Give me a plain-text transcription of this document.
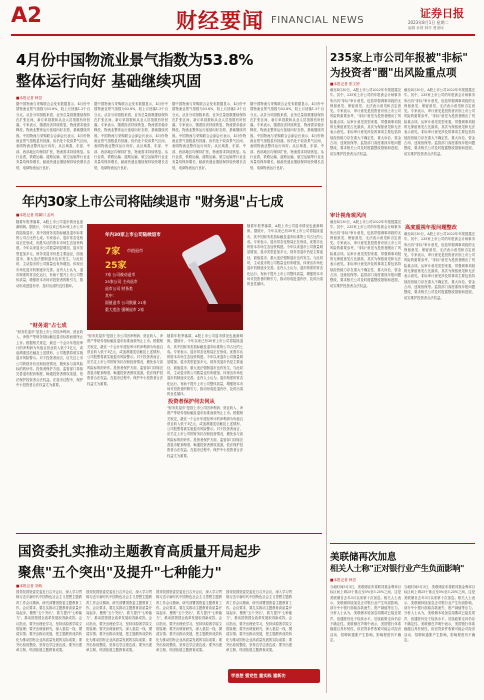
A2	财经要闻 FINANCIAL NEWS
证券日报
2023年8月1日 星期二
编辑 孙倩 制作 曹秉琛
4月份中国物流业景气指数为53.8%
整体运行向好 基础继续巩固
■本报记者 韩昱
据中国物流与采购联合会发布数据显示，4月份中国物流业景气指数为53.8%，较上月回落1.3个百分点。从各分项指数来看，业务总量指数继续保持在扩张区间，新订单指数和从业人员指数有所回落。专家表示，随着经济持续恢复，物流需求稳步释放，物流业整体运行延续向好态势，基础继续巩固。中国物流与采购联合会副会长表示，4月份物流业景气指数虽有回落，但仍处于较高景气区间，表明物流业整体运行向好。从区域看，东部、中部、西部地区均保持扩张，物流需求持续恢复。从行业看，铁路运输、道路运输、航空运输等行业业务量均保持增长，邮政快递业继续保持较快增长态势，电商物流运行良好。
据中国物流与采购联合会发布数据显示，4月份中国物流业景气指数为53.8%，较上月回落1.3个百分点。从各分项指数来看，业务总量指数继续保持在扩张区间，新订单指数和从业人员指数有所回落。专家表示，随着经济持续恢复，物流需求稳步释放，物流业整体运行延续向好态势，基础继续巩固。中国物流与采购联合会副会长表示，4月份物流业景气指数虽有回落，但仍处于较高景气区间，表明物流业整体运行向好。从区域看，东部、中部、西部地区均保持扩张，物流需求持续恢复。从行业看，铁路运输、道路运输、航空运输等行业业务量均保持增长，邮政快递业继续保持较快增长态势，电商物流运行良好。
据中国物流与采购联合会发布数据显示，4月份中国物流业景气指数为53.8%，较上月回落1.3个百分点。从各分项指数来看，业务总量指数继续保持在扩张区间，新订单指数和从业人员指数有所回落。专家表示，随着经济持续恢复，物流需求稳步释放，物流业整体运行延续向好态势，基础继续巩固。中国物流与采购联合会副会长表示，4月份物流业景气指数虽有回落，但仍处于较高景气区间，表明物流业整体运行向好。从区域看，东部、中部、西部地区均保持扩张，物流需求持续恢复。从行业看，铁路运输、道路运输、航空运输等行业业务量均保持增长，邮政快递业继续保持较快增长态势，电商物流运行良好。
据中国物流与采购联合会发布数据显示，4月份中国物流业景气指数为53.8%，较上月回落1.3个百分点。从各分项指数来看，业务总量指数继续保持在扩张区间，新订单指数和从业人员指数有所回落。专家表示，随着经济持续恢复，物流需求稳步释放，物流业整体运行延续向好态势，基础继续巩固。中国物流与采购联合会副会长表示，4月份物流业景气指数虽有回落，但仍处于较高景气区间，表明物流业整体运行向好。从区域看，东部、中部、西部地区均保持扩张，物流需求持续恢复。从行业看，铁路运输、道路运输、航空运输等行业业务量均保持增长，邮政快递业继续保持较快增长态势，电商物流运行良好。
年内30家上市公司将陆续退市 "财务退"占七成
■本报记者 郭冀川 孟珂
随着年报季落幕，A股上市公司退市情况也逐渐明朗。据统计，今年以来已有30家上市公司将陆续退市，其中因财务类指标触及退市标准的公司占比约七成。专家表示，退市常态化格局正在形成，优胜劣汰的资本市场生态加快构建。今年以来退市公司数量明显增加，退市类型更加多元，财务类退市仍是主要途径，面值退市、重大违法强制退市也有发生。与此同时，主动退市的公司数量也有所增加，体现出市场化退市机制逐步完善。业内人士认为，退市制度的常态化运行，有助于提升上市公司整体质量，增强资本市场对投资者的吸引力，推动形成进退有序、及时出清的良性循环。
"财务退"占七成
"财务类退市"是指上市公司因净利润、营业收入、净资产等财务指标触及退市标准而被终止上市。根据相关规定，最近一个会计年度经审计的净利润为负值且营业收入低于1亿元，或追溯重述后触及上述情形，公司股票将被实施退市风险警示。对于投资者而言，应关注上市公司的财务状况和经营情况，避免参与高风险标的的炒作。投资者保护方面，监管部门持续完善退市配套制度，畅通投资者维权渠道，依法保护投资者合法权益。在退市过程中，保护中小投资者合法权益尤为重要。
年内30家上市公司陆续退市
7家 市值退市
25家
7家 公司被动退市
25家公司 主动退市
退市公司 财务类
其中：
面值退市 公司数量 21家
重大违法 强制退市 2家
"财务类退市"是指上市公司因净利润、营业收入、净资产等财务指标触及退市标准而被终止上市。根据相关规定，最近一个会计年度经审计的净利润为负值且营业收入低于1亿元，或追溯重述后触及上述情形，公司股票将被实施退市风险警示。对于投资者而言，应关注上市公司的财务状况和经营情况，避免参与高风险标的的炒作。投资者保护方面，监管部门持续完善退市配套制度，畅通投资者维权渠道，依法保护投资者合法权益。在退市过程中，保护中小投资者合法权益尤为重要。
投资者保护何去何从
随着年报季落幕，A股上市公司退市情况也逐渐明朗。据统计，今年以来已有30家上市公司将陆续退市，其中因财务类指标触及退市标准的公司占比约七成。专家表示，退市常态化格局正在形成，优胜劣汰的资本市场生态加快构建。今年以来退市公司数量明显增加，退市类型更加多元，财务类退市仍是主要途径，面值退市、重大违法强制退市也有发生。与此同时，主动退市的公司数量也有所增加，体现出市场化退市机制逐步完善。业内人士认为，退市制度的常态化运行，有助于提升上市公司整体质量，增强资本市场对投资者的吸引力，推动形成进退有序、及时出清的良性循环。
"财务类退市"是指上市公司因净利润、营业收入、净资产等财务指标触及退市标准而被终止上市。根据相关规定，最近一个会计年度经审计的净利润为负值且营业收入低于1亿元，或追溯重述后触及上述情形，公司股票将被实施退市风险警示。对于投资者而言，应关注上市公司的财务状况和经营情况，避免参与高风险标的的炒作。投资者保护方面，监管部门持续完善退市配套制度，畅通投资者维权渠道，依法保护投资者合法权益。在退市过程中，保护中小投资者合法权益尤为重要。
随着年报季落幕，A股上市公司退市情况也逐渐明朗。据统计，今年以来已有30家上市公司将陆续退市，其中因财务类指标触及退市标准的公司占比约七成。专家表示，退市常态化格局正在形成，优胜劣汰的资本市场生态加快构建。今年以来退市公司数量明显增加，退市类型更加多元，财务类退市仍是主要途径，面值退市、重大违法强制退市也有发生。与此同时，主动退市的公司数量也有所增加，体现出市场化退市机制逐步完善。业内人士认为，退市制度的常态化运行，有助于提升上市公司整体质量，增强资本市场对投资者的吸引力，推动形成进退有序、及时出清的良性循环。
国资委扎实推动主题教育高质量开局起步
聚焦"五个突出"及提升"七种能力"
■本报记者 刘萌
国务院国资委党委近日召开会议，深入学习贯彻习近平新时代中国特色社会主义思想主题教育工作会议精神，研究部署国资委主题教育工作。会议要求，要扎实推动主题教育高质量开局起步，聚焦"五个突出"，着力提升"七种能力"，推动国资国企改革发展取得新成效。会议指出，要突出理论学习，坚持读原著学原文悟原理；要突出调查研究，深入基层一线，摸清实情；要突出推动发展，把主题教育成效转化为推动国有企业高质量发展的实际成果；要突出检视整改，坚持边学边查边改；要突出建章立制，巩固拓展主题教育成果。
国务院国资委党委近日召开会议，深入学习贯彻习近平新时代中国特色社会主义思想主题教育工作会议精神，研究部署国资委主题教育工作。会议要求，要扎实推动主题教育高质量开局起步，聚焦"五个突出"，着力提升"七种能力"，推动国资国企改革发展取得新成效。会议指出，要突出理论学习，坚持读原著学原文悟原理；要突出调查研究，深入基层一线，摸清实情；要突出推动发展，把主题教育成效转化为推动国有企业高质量发展的实际成果；要突出检视整改，坚持边学边查边改；要突出建章立制，巩固拓展主题教育成果。
国务院国资委党委近日召开会议，深入学习贯彻习近平新时代中国特色社会主义思想主题教育工作会议精神，研究部署国资委主题教育工作。会议要求，要扎实推动主题教育高质量开局起步，聚焦"五个突出"，着力提升"七种能力"，推动国资国企改革发展取得新成效。会议指出，要突出理论学习，坚持读原著学原文悟原理；要突出调查研究，深入基层一线，摸清实情；要突出推动发展，把主题教育成效转化为推动国有企业高质量发展的实际成果；要突出检视整改，坚持边学边查边改；要突出建章立制，巩固拓展主题教育成果。
国务院国资委党委近日召开会议，深入学习贯彻习近平新时代中国特色社会主义思想主题教育工作会议精神，研究部署国资委主题教育工作。会议要求，要扎实推动主题教育高质量开局起步，聚焦"五个突出"，着力提升"七种能力"，推动国资国企改革发展取得新成效。会议指出，要突出理论学习，坚持读原著学原文悟原理；要突出调查研究，深入基层一线，摸清实情；要突出推动发展，把主题教育成效转化为推动国有企业高质量发展的实际成果；要突出检视整改，坚持边学边查边改；要突出建章立制，巩固拓展主题教育成果。
学思想 强党性 重实践 建新功
235家上市公司年报被"非标"
为投资者"圈"出风险重点项
■本报记者 张文婷
截至4月30日，A股上市公司2022年年报披露完毕。其中，235家上市公司的年报被会计师事务所出具"非标"审计意见，包括带强调事项段的无保留意见、保留意见、无法表示意见和否定意见。专家表示，审计意见是投资者识别上市公司风险的重要参考，"非标"意见为投资者圈出了风险重点项。从审计意见类型来看，带强调事项段的无保留意见占比最高，其次为保留意见和无法表示意见。非标审计意见涉及的事项主要包括持续经营能力存在重大不确定性、重大诉讼、资金占用、违规担保等。监管部门高度重视年报问题整改，要求相关公司及时披露整改措施和进展，切实维护投资者合法权益。
审计视角观风向
截至4月30日，A股上市公司2022年年报披露完毕。其中，235家上市公司的年报被会计师事务所出具"非标"审计意见，包括带强调事项段的无保留意见、保留意见、无法表示意见和否定意见。专家表示，审计意见是投资者识别上市公司风险的重要参考，"非标"意见为投资者圈出了风险重点项。从审计意见类型来看，带强调事项段的无保留意见占比最高，其次为保留意见和无法表示意见。非标审计意见涉及的事项主要包括持续经营能力存在重大不确定性、重大诉讼、资金占用、违规担保等。监管部门高度重视年报问题整改，要求相关公司及时披露整改措施和进展，切实维护投资者合法权益。
截至4月30日，A股上市公司2022年年报披露完毕。其中，235家上市公司的年报被会计师事务所出具"非标"审计意见，包括带强调事项段的无保留意见、保留意见、无法表示意见和否定意见。专家表示，审计意见是投资者识别上市公司风险的重要参考，"非标"意见为投资者圈出了风险重点项。从审计意见类型来看，带强调事项段的无保留意见占比最高，其次为保留意见和无法表示意见。非标审计意见涉及的事项主要包括持续经营能力存在重大不确定性、重大诉讼、资金占用、违规担保等。监管部门高度重视年报问题整改，要求相关公司及时披露整改措施和进展，切实维护投资者合法权益。
高度重视年报问题整改
截至4月30日，A股上市公司2022年年报披露完毕。其中，235家上市公司的年报被会计师事务所出具"非标"审计意见，包括带强调事项段的无保留意见、保留意见、无法表示意见和否定意见。专家表示，审计意见是投资者识别上市公司风险的重要参考，"非标"意见为投资者圈出了风险重点项。从审计意见类型来看，带强调事项段的无保留意见占比最高，其次为保留意见和无法表示意见。非标审计意见涉及的事项主要包括持续经营能力存在重大不确定性、重大诉讼、资金占用、违规担保等。监管部门高度重视年报问题整改，要求相关公司及时披露整改措施和进展，切实维护投资者合法权益。
美联储再次加息
相关人士称"正对银行业产生负面影响"
■本报记者 韩昱
当地时间5月3日，美联储宣布将联邦基金利率目标区间上调25个基点至5%至5.25%之间，这是美联储自去年3月以来第十次加息。相关人士表示，美联储持续加息正对银行业产生负面影响，部分中小银行面临存款流失、资产减值等压力。分析人士认为，美联储本轮加息周期或已接近尾声，但通胀仍处于较高水平，后续政策走向仍存不确定性。美联储在声明中表示，美国银行体系稳健且具有韧性，但信贷条件收紧可能会对经济活动、招聘和通胀产生影响，影响程度仍不确定。
当地时间5月3日，美联储宣布将联邦基金利率目标区间上调25个基点至5%至5.25%之间，这是美联储自去年3月以来第十次加息。相关人士表示，美联储持续加息正对银行业产生负面影响，部分中小银行面临存款流失、资产减值等压力。分析人士认为，美联储本轮加息周期或已接近尾声，但通胀仍处于较高水平，后续政策走向仍存不确定性。美联储在声明中表示，美国银行体系稳健且具有韧性，但信贷条件收紧可能会对经济活动、招聘和通胀产生影响，影响程度仍不确定。
